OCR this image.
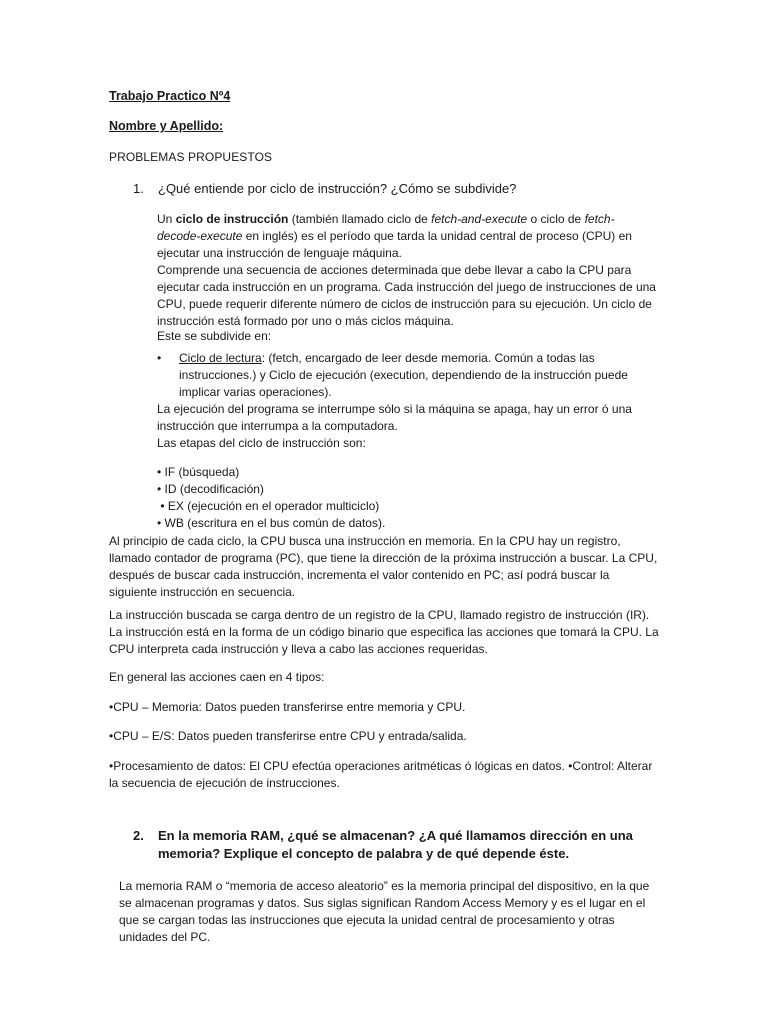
Trabajo Practico Nº4

Nombre y Apellido:

PROBLEMAS PROPUESTOS

1. ¿Qué entiende por ciclo de instrucción? ¿Cómo se subdivide?

Un ciclo de instrucción (también llamado ciclo de fetch-and-execute o ciclo de fetch-decode-execute en inglés) es el período que tarda la unidad central de proceso (CPU) en ejecutar una instrucción de lenguaje máquina.

Comprende una secuencia de acciones determinada que debe llevar a cabo la CPU para ejecutar cada instrucción en un programa. Cada instrucción del juego de instrucciones de una CPU, puede requerir diferente número de ciclos de instrucción para su ejecución. Un ciclo de instrucción está formado por uno o más ciclos máquina.

Este se subdivide en:

• Ciclo de lectura: (fetch, encargado de leer desde memoria. Común a todas las instrucciones.) y Ciclo de ejecución (execution, dependiendo de la instrucción puede implicar varias operaciones).

La ejecución del programa se interrumpe sólo si la máquina se apaga, hay un error ó una instrucción que interrumpa a la computadora.

Las etapas del ciclo de instrucción son:

• IF (búsqueda)

• ID (decodificación)

• EX (ejecución en el operador multiciclo)

• WB (escritura en el bus común de datos).

Al principio de cada ciclo, la CPU busca una instrucción en memoria. En la CPU hay un registro, llamado contador de programa (PC), que tiene la dirección de la próxima instrucción a buscar. La CPU, después de buscar cada instrucción, incrementa el valor contenido en PC; así podrá buscar la siguiente instrucción en secuencia.

La instrucción buscada se carga dentro de un registro de la CPU, llamado registro de instrucción (IR). La instrucción está en la forma de un código binario que especifica las acciones que tomará la CPU. La CPU interpreta cada instrucción y lleva a cabo las acciones requeridas.

En general las acciones caen en 4 tipos:

•CPU – Memoria: Datos pueden transferirse entre memoria y CPU.

•CPU – E/S: Datos pueden transferirse entre CPU y entrada/salida.

•Procesamiento de datos: El CPU efectúa operaciones aritméticas ó lógicas en datos. •Control: Alterar la secuencia de ejecución de instrucciones.

2. En la memoria RAM, ¿qué se almacenan? ¿A qué llamamos dirección en una memoria? Explique el concepto de palabra y de qué depende éste.

La memoria RAM o “memoria de acceso aleatorio” es la memoria principal del dispositivo, en la que se almacenan programas y datos. Sus siglas significan Random Access Memory y es el lugar en el que se cargan todas las instrucciones que ejecuta la unidad central de procesamiento y otras unidades del PC.
